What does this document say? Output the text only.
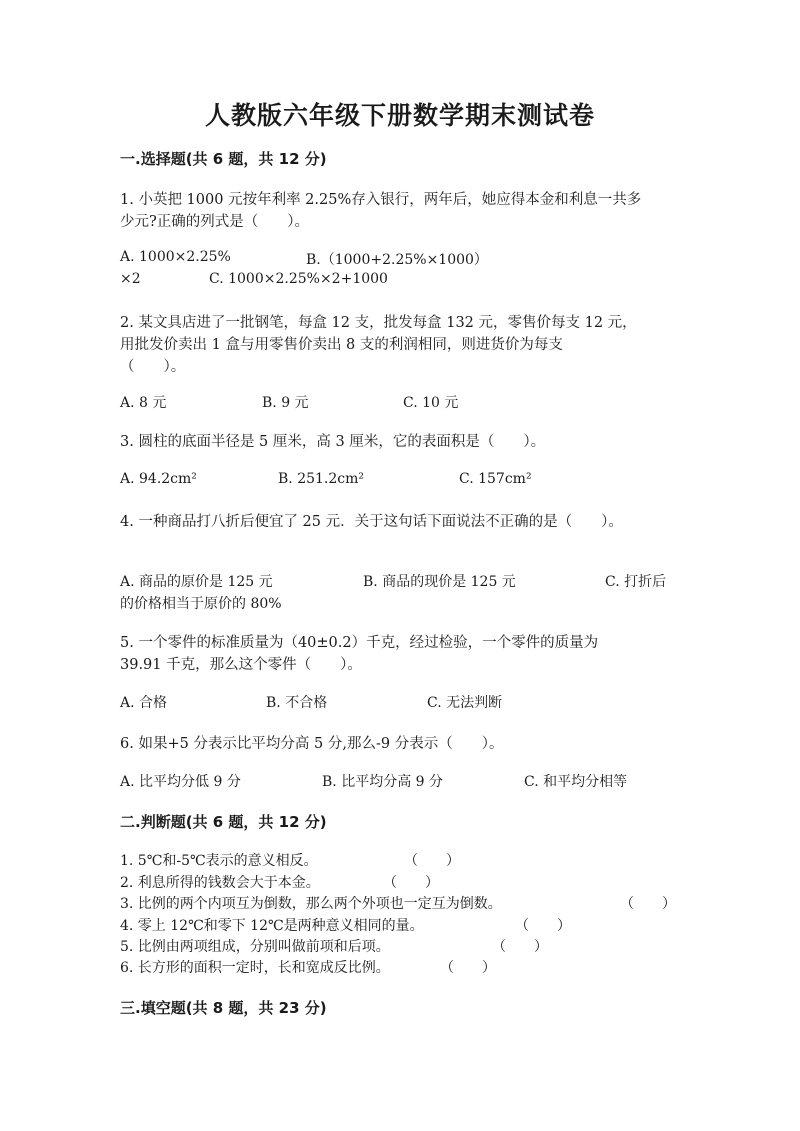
人教版六年级下册数学期末测试卷
一.选择题(共 6 题，共 12 分)
1. 小英把 1000 元按年利率 2.25%存入银行，两年后，她应得本金和利息一共多
少元?正确的列式是（　　）。
A. 1000×2.25%	B.（1000+2.25%×1000）
×2	C. 1000×2.25%×2+1000
2. 某文具店进了一批钢笔，每盒 12 支，批发每盒 132 元，零售价每支 12 元，
用批发价卖出 1 盒与用零售价卖出 8 支的利润相同，则进货价为每支
（　　）。
A. 8 元	B. 9 元	C. 10 元
3. 圆柱的底面半径是 5 厘米，高 3 厘米，它的表面积是（　　）。
A. 94.2cm²	B. 251.2cm²	C. 157cm²
4. 一种商品打八折后便宜了 25 元．关于这句话下面说法不正确的是（　　）。
A. 商品的原价是 125 元	B. 商品的现价是 125 元	C. 打折后
的价格相当于原价的 80%
5. 一个零件的标准质量为（40±0.2）千克，经过检验，一个零件的质量为
39.91 千克，那么这个零件（　　）。
A. 合格	B. 不合格	C. 无法判断
6. 如果+5 分表示比平均分高 5 分,那么-9 分表示（　　）。
A. 比平均分低 9 分	B. 比平均分高 9 分	C. 和平均分相等
二.判断题(共 6 题，共 12 分)
1. 5℃和-5℃表示的意义相反。	（　　）
2. 利息所得的钱数会大于本金。	（　　）
3. 比例的两个内项互为倒数，那么两个外项也一定互为倒数。	（　　）
4. 零上 12℃和零下 12℃是两种意义相同的量。	（　　）
5. 比例由两项组成，分别叫做前项和后项。	（　　）
6. 长方形的面积一定时，长和宽成反比例。	（　　）
三.填空题(共 8 题，共 23 分)
